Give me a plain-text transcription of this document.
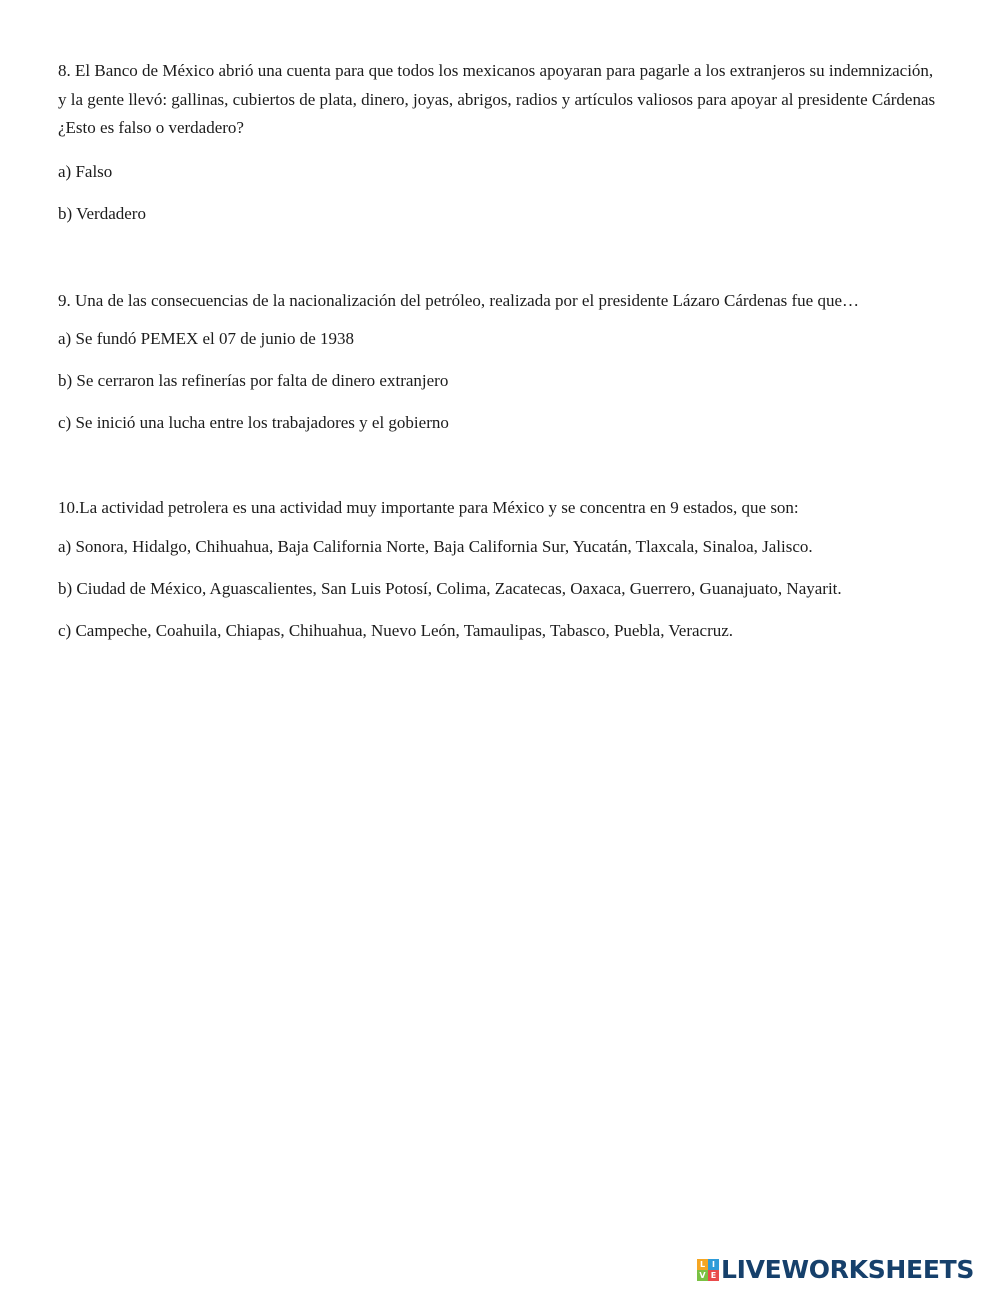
8. El Banco de México abrió una cuenta para que todos los mexicanos apoyaran para pagarle a los extranjeros su indemnización, y la gente llevó: gallinas, cubiertos de plata, dinero, joyas, abrigos, radios y artículos valiosos para apoyar al presidente Cárdenas ¿Esto es falso o verdadero?

a) Falso
b) Verdadero

9. Una de las consecuencias de la nacionalización del petróleo, realizada por el presidente Lázaro Cárdenas fue que…

a) Se fundó PEMEX el 07 de junio de 1938
b) Se cerraron las refinerías por falta de dinero extranjero
c) Se inició una lucha entre los trabajadores y el gobierno

10.La actividad petrolera es una actividad muy importante para México y se concentra en 9 estados, que son:

a) Sonora, Hidalgo, Chihuahua, Baja California Norte, Baja California Sur, Yucatán, Tlaxcala, Sinaloa, Jalisco.
b) Ciudad de México, Aguascalientes, San Luis Potosí, Colima, Zacatecas, Oaxaca, Guerrero, Guanajuato, Nayarit.
c) Campeche, Coahuila, Chiapas, Chihuahua, Nuevo León, Tamaulipas, Tabasco, Puebla, Veracruz.
L I
V E LIVEWORKSHEETS
